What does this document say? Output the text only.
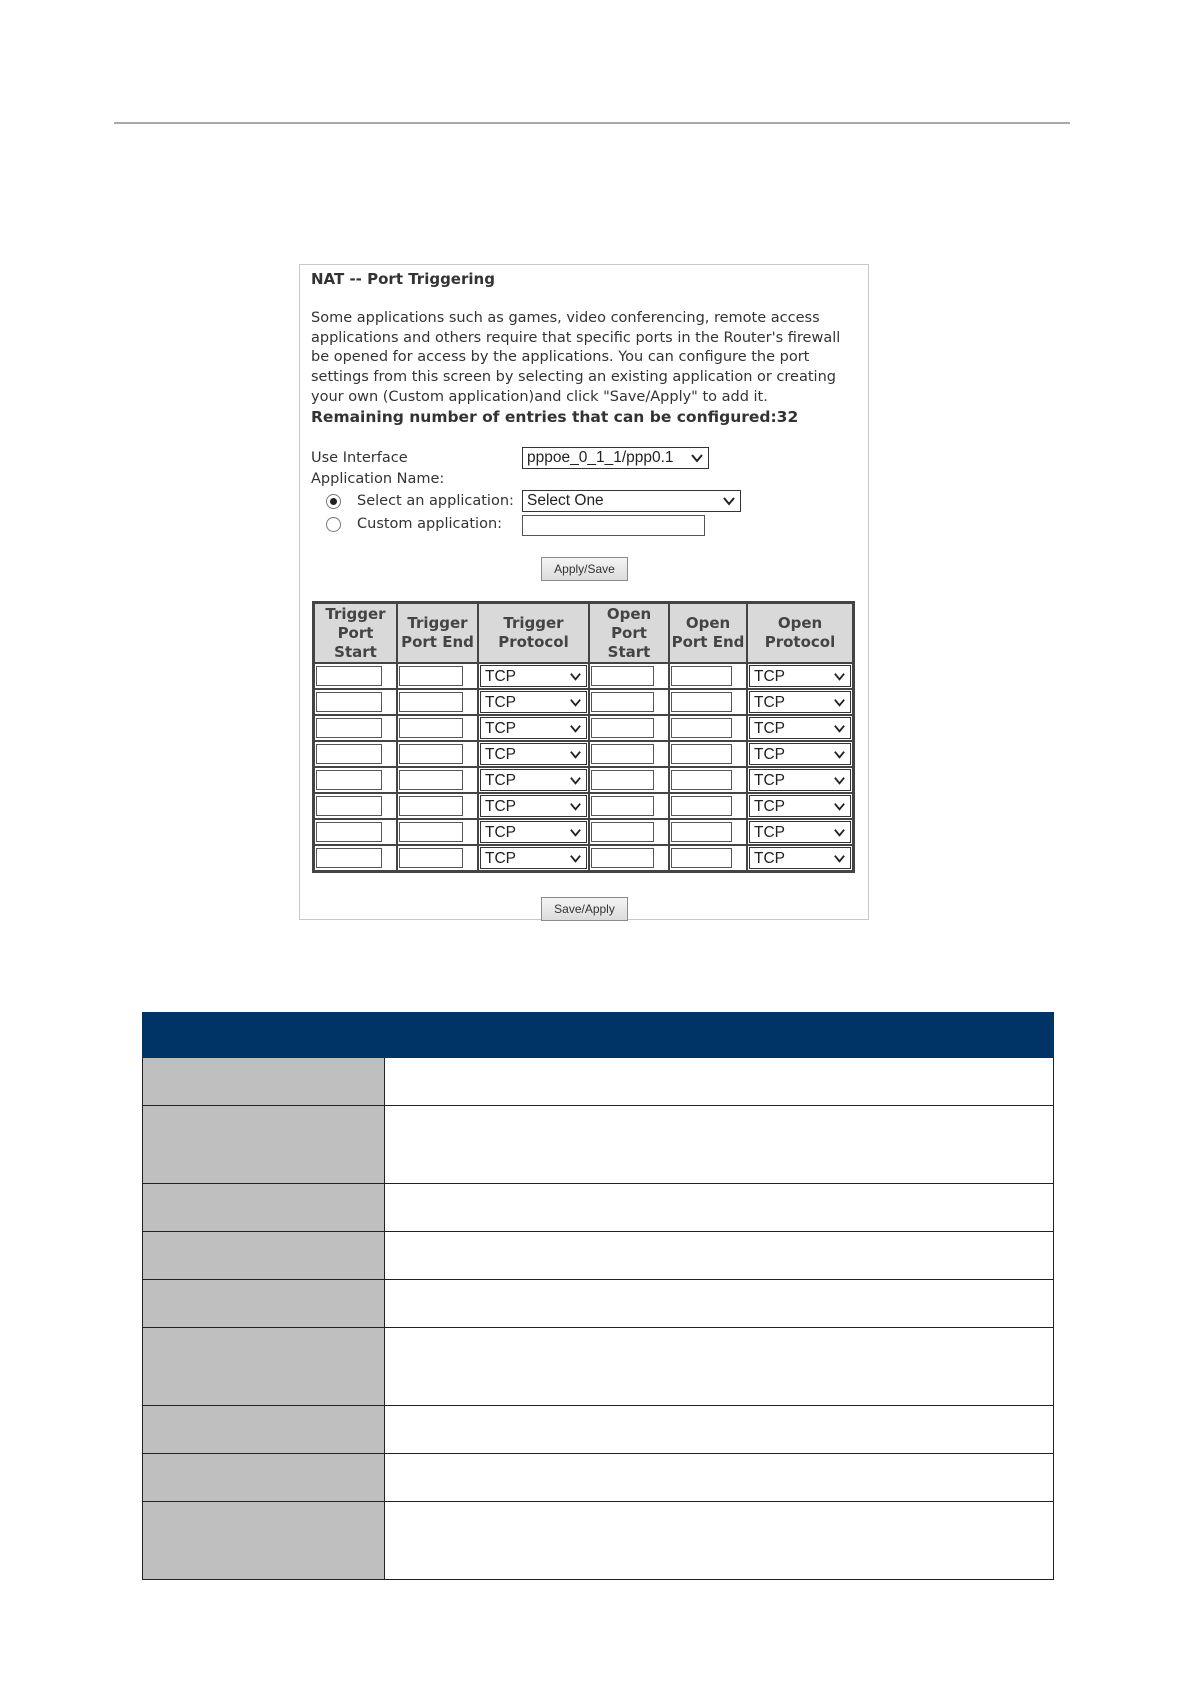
NAT -- Port Triggering
Some applications such as games, video conferencing, remote access applications and others require that specific ports in the Router's firewall be opened for access by the applications. You can configure the port settings from this screen by selecting an existing application or creating your own (Custom application)and click "Save/Apply" to add it.
Remaining number of entries that can be configured:32
Use Interface	pppoe_0_1_1/ppp0.1
Application Name:
Select an application: Select One
Custom application:
Apply/Save
Trigger Port Start	Trigger Port End	Trigger Protocol	Open Port Start	Open Port End	Open Protocol

		TCP			TCP

		TCP			TCP

		TCP			TCP

		TCP			TCP

		TCP			TCP

		TCP			TCP

		TCP			TCP

		TCP			TCP
Save/Apply
